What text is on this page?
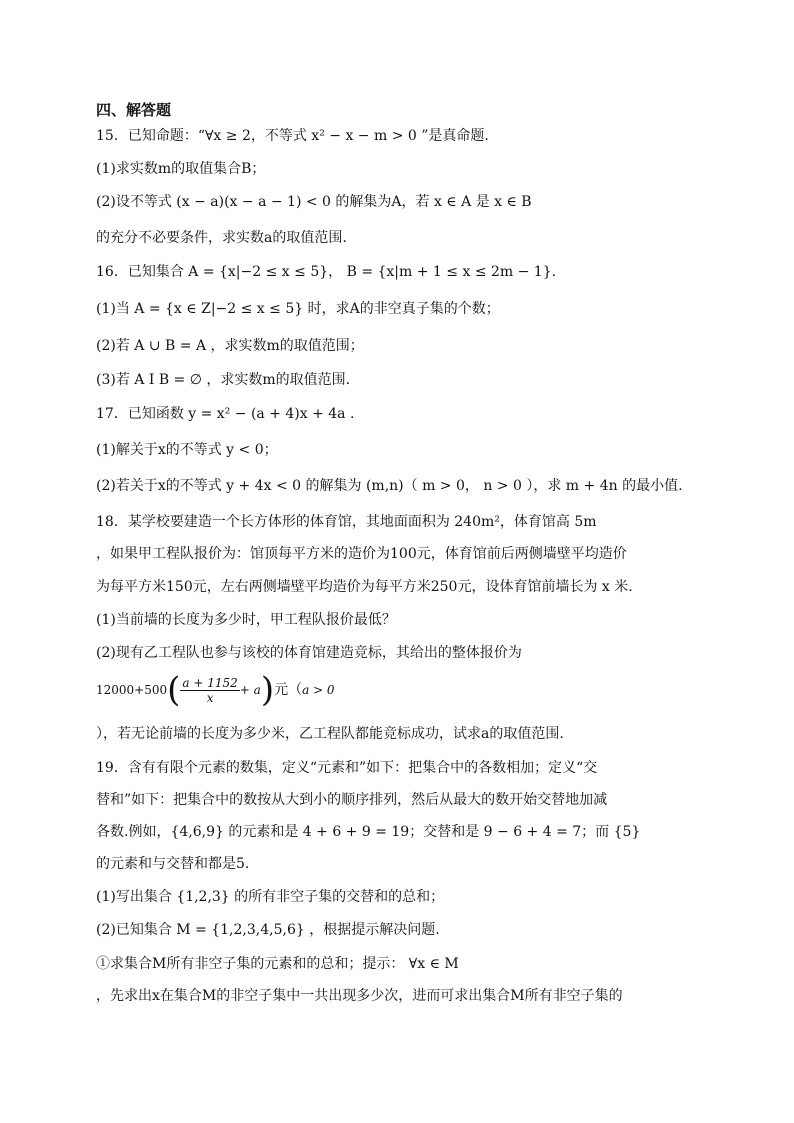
四、解答题
15．已知命题：“∀x ≥ 2，不等式 x² − x − m > 0 ”是真命题.
(1)求实数m的取值集合B；
(2)设不等式 (x − a)(x − a − 1) < 0 的解集为A，若 x ∈ A 是 x ∈ B
的充分不必要条件，求实数a的取值范围.
16．已知集合 A = {x|−2 ≤ x ≤ 5}， B = {x|m + 1 ≤ x ≤ 2m − 1}.
(1)当 A = {x ∈ Z|−2 ≤ x ≤ 5} 时，求A的非空真子集的个数；
(2)若 A ∪ B = A ，求实数m的取值范围；
(3)若 A I B = ∅ ，求实数m的取值范围.
17．已知函数 y = x² − (a + 4)x + 4a .
(1)解关于x的不等式 y < 0；
(2)若关于x的不等式 y + 4x < 0 的解集为 (m,n)（ m > 0， n > 0 ），求 m + 4n 的最小值.
18．某学校要建造一个长方体形的体育馆，其地面面积为 240m²，体育馆高 5m
，如果甲工程队报价为：馆顶每平方米的造价为100元，体育馆前后两侧墙壁平均造价
为每平方米150元，左右两侧墙壁平均造价为每平方米250元，设体育馆前墙长为 x 米.
(1)当前墙的长度为多少时，甲工程队报价最低？
(2)现有乙工程队也参与该校的体育馆建造竞标，其给出的整体报价为
$12000+500( \frac{a + 1152}{x} + a)$元（a > 0
），若无论前墙的长度为多少米，乙工程队都能竞标成功，试求a的取值范围.
19．含有有限个元素的数集，定义“元素和”如下：把集合中的各数相加；定义“交
替和”如下：把集合中的数按从大到小的顺序排列，然后从最大的数开始交替地加减
各数.例如，{4,6,9} 的元素和是 4 + 6 + 9 = 19；交替和是 9 − 6 + 4 = 7；而 {5}
的元素和与交替和都是5.
(1)写出集合 {1,2,3} 的所有非空子集的交替和的总和；
(2)已知集合 M = {1,2,3,4,5,6} ，根据提示解决问题.
①求集合M所有非空子集的元素和的总和；提示： ∀x ∈ M
，先求出x在集合M的非空子集中一共出现多少次，进而可求出集合M所有非空子集的
